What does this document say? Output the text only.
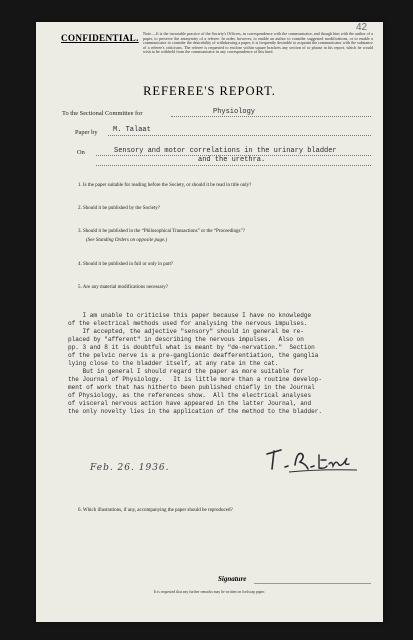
42
CONFIDENTIAL. Note.—It is the invariable practice of the Society's Officers, in correspondence with the communicator, and though him with the author of a paper, to preserve the anonymity of a referee. In order, however, to enable an author to consider suggested modifications, or to enable a communicator to consider the desirability of withdrawing a paper, it is frequently desirable to acquaint the communicator with the substance of a referee's criticisms. The referee is requested to enclose within square brackets any section of or phrase in his report, which he would wish to be withheld from the communicator in any correspondence of this kind.
REFEREE'S REPORT.
To the Sectional Committee for	Physiology
Paper by M. Talaat
On	Sensory and motor correlations in the urinary bladder
and the urethra.
1. Is the paper suitable for reading before the Society, or should it be read in title only?
2. Should it be published by the Society?
3. Should it be published in the “Philosophical Transactions” or the “Proceedings”?
(See Standing Orders on opposite page.)
4. Should it be published in full or only in part?
5. Are any material modifications necessary?
I am unable to criticise this paper because I have no knowledge
of the electrical methods used for analysing the nervous impulses.
If accepted, the adjective "sensory" should in general be re-
placed by "afferent" in describing the nervous impulses.  Also on
pp. 3 and 8 it is doubtful what is meant by "de-nervation."  Section
of the pelvic nerve is a pre-ganglionic deafferentiation, the ganglia
lying close to the bladder itself, at any rate in the cat.
But in general I should regard the paper as more suitable for
the Journal of Physiology.   It is little more than a routine develop-
ment of work that has hitherto been published chiefly in the Journal
of Physiology, as the references show.  All the electrical analyses
of visceral nervous action have appeared in the latter Journal, and
the only novelty lies in the application of the method to the bladder.
Feb. 26. 1936.
6. Which illustrations, if any, accompanying the paper should be reproduced?
Signature
It is requested that any further remarks may be written on foolscap paper.
